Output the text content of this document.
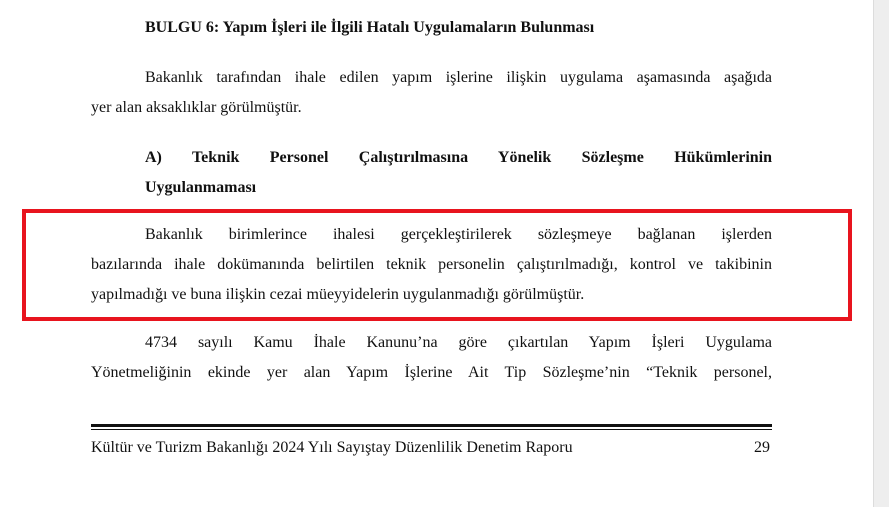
BULGU 6: Yapım İşleri ile İlgili Hatalı Uygulamaların Bulunması
Bakanlık tarafından ihale edilen yapım işlerine ilişkin uygulama aşamasında aşağıda
yer alan aksaklıklar görülmüştür.
A) Teknik Personel Çalıştırılmasına Yönelik Sözleşme Hükümlerinin
Uygulanmaması
Bakanlık birimlerince ihalesi gerçekleştirilerek sözleşmeye bağlanan işlerden
bazılarında ihale dokümanında belirtilen teknik personelin çalıştırılmadığı, kontrol ve takibinin
yapılmadığı ve buna ilişkin cezai müeyyidelerin uygulanmadığı görülmüştür.
4734 sayılı Kamu İhale Kanunu’na göre çıkartılan Yapım İşleri Uygulama
Yönetmeliğinin ekinde yer alan Yapım İşlerine Ait Tip Sözleşme’nin “Teknik personel,
Kültür ve Turizm Bakanlığı 2024 Yılı Sayıştay Düzenlilik Denetim Raporu	29
